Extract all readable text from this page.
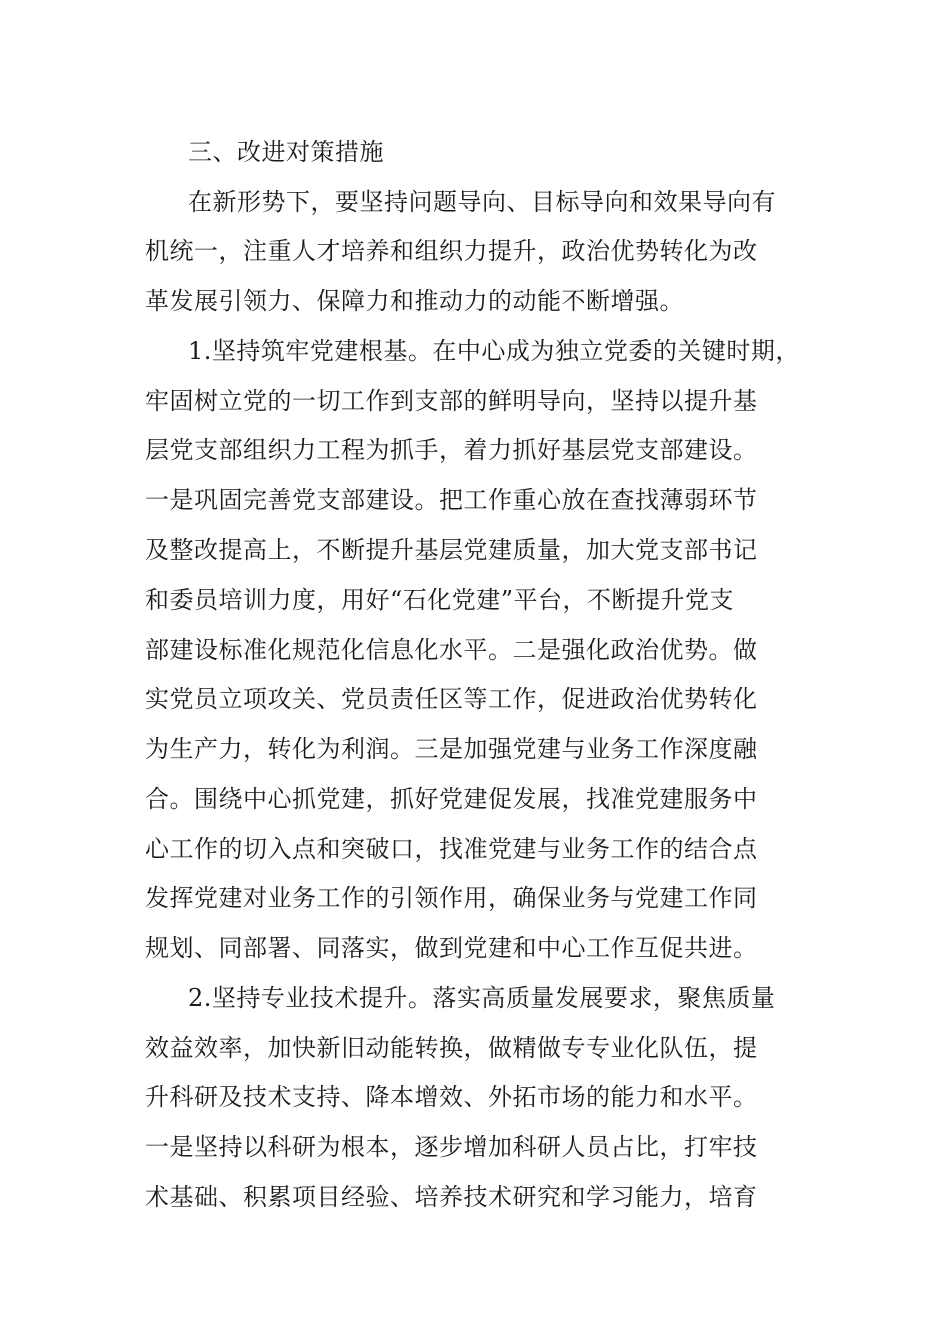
三、改进对策措施
在新形势下，要坚持问题导向、目标导向和效果导向有
机统一，注重人才培养和组织力提升，政治优势转化为改
革发展引领力、保障力和推动力的动能不断增强。
1.坚持筑牢党建根基。在中心成为独立党委的关键时期，
牢固树立党的一切工作到支部的鲜明导向，坚持以提升基
层党支部组织力工程为抓手，着力抓好基层党支部建设。
一是巩固完善党支部建设。把工作重心放在查找薄弱环节
及整改提高上，不断提升基层党建质量，加大党支部书记
和委员培训力度，用好“石化党建”平台，不断提升党支
部建设标准化规范化信息化水平。二是强化政治优势。做
实党员立项攻关、党员责任区等工作，促进政治优势转化
为生产力，转化为利润。三是加强党建与业务工作深度融
合。围绕中心抓党建，抓好党建促发展，找准党建服务中
心工作的切入点和突破口，找准党建与业务工作的结合点
发挥党建对业务工作的引领作用，确保业务与党建工作同
规划、同部署、同落实，做到党建和中心工作互促共进。
2.坚持专业技术提升。落实高质量发展要求，聚焦质量
效益效率，加快新旧动能转换，做精做专专业化队伍，提
升科研及技术支持、降本增效、外拓市场的能力和水平。
一是坚持以科研为根本，逐步增加科研人员占比，打牢技
术基础、积累项目经验、培养技术研究和学习能力，培育
